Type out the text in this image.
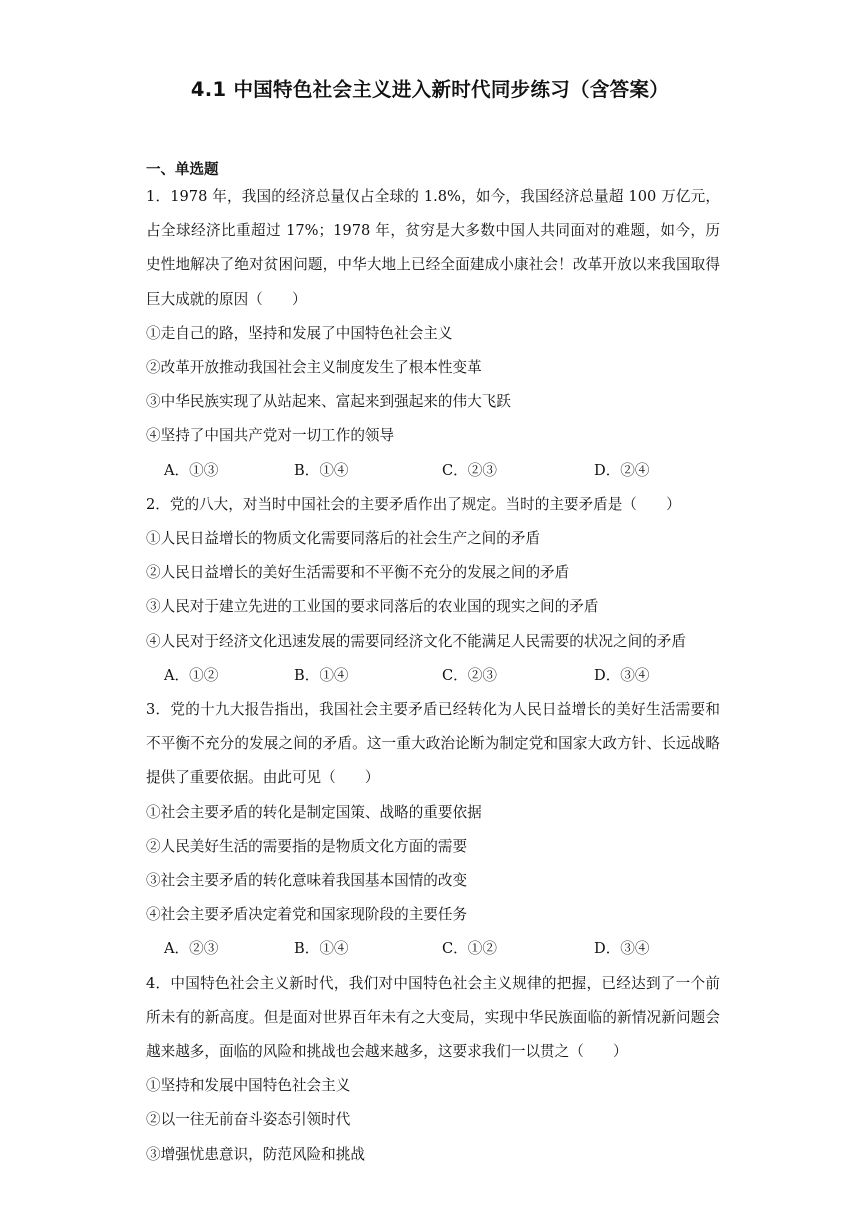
4.1 中国特色社会主义进入新时代同步练习（含答案）
一、单选题

1．1978 年，我国的经济总量仅占全球的 1.8%，如今，我国经济总量超 100 万亿元，占全球经济比重超过 17%；1978 年，贫穷是大多数中国人共同面对的难题，如今，历史性地解决了绝对贫困问题，中华大地上已经全面建成小康社会！改革开放以来我国取得巨大成就的原因（　　）

①走自己的路，坚持和发展了中国特色社会主义

②改革开放推动我国社会主义制度发生了根本性变革

③中华民族实现了从站起来、富起来到强起来的伟大飞跃

④坚持了中国共产党对一切工作的领导

A．①③	B．①④	C．②③	D．②④

2．党的八大，对当时中国社会的主要矛盾作出了规定。当时的主要矛盾是（　　）

①人民日益增长的物质文化需要同落后的社会生产之间的矛盾

②人民日益增长的美好生活需要和不平衡不充分的发展之间的矛盾

③人民对于建立先进的工业国的要求同落后的农业国的现实之间的矛盾

④人民对于经济文化迅速发展的需要同经济文化不能满足人民需要的状况之间的矛盾

A．①②	B．①④	C．②③	D．③④

3．党的十九大报告指出，我国社会主要矛盾已经转化为人民日益增长的美好生活需要和不平衡不充分的发展之间的矛盾。这一重大政治论断为制定党和国家大政方针、长远战略提供了重要依据。由此可见（　　）

①社会主要矛盾的转化是制定国策、战略的重要依据

②人民美好生活的需要指的是物质文化方面的需要

③社会主要矛盾的转化意味着我国基本国情的改变

④社会主要矛盾决定着党和国家现阶段的主要任务

A．②③	B．①④	C．①②	D．③④

4．中国特色社会主义新时代，我们对中国特色社会主义规律的把握，已经达到了一个前所未有的新高度。但是面对世界百年未有之大变局，实现中华民族面临的新情况新问题会越来越多，面临的风险和挑战也会越来越多，这要求我们一以贯之（　　）

①坚持和发展中国特色社会主义

②以一往无前奋斗姿态引领时代

③增强忧患意识，防范风险和挑战
